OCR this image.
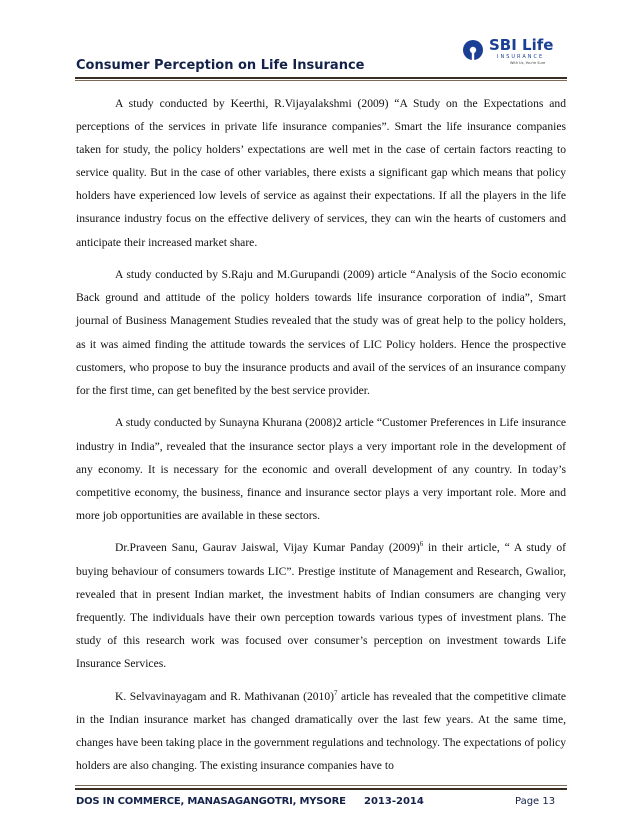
Consumer Perception on Life Insurance
SBI Life
INSURANCE
With Us, You're Sure

A study conducted by Keerthi, R.Vijayalakshmi (2009) “A Study on the Expectations and perceptions of the services in private life insurance companies”. Smart the life insurance companies taken for study, the policy holders’ expectations are well met in the case of certain factors reacting to service quality. But in the case of other variables, there exists a significant gap which means that policy holders have experienced low levels of service as against their expectations. If all the players in the life insurance industry focus on the effective delivery of services, they can win the hearts of customers and anticipate their increased market share.

A study conducted by S.Raju and M.Gurupandi (2009) article “Analysis of the Socio economic Back ground and attitude of the policy holders towards life insurance corporation of india”, Smart journal of Business Management Studies revealed that the study was of great help to the policy holders, as it was aimed finding the attitude towards the services of LIC Policy holders. Hence the prospective customers, who propose to buy the insurance products and avail of the services of an insurance company for the first time, can get benefited by the best service provider.

A study conducted by Sunayna Khurana (2008)2 article “Customer Preferences in Life insurance industry in India”, revealed that the insurance sector plays a very important role in the development of any economy. It is necessary for the economic and overall development of any country. In today’s competitive economy, the business, finance and insurance sector plays a very important role. More and more job opportunities are available in these sectors.

Dr.Praveen Sanu, Gaurav Jaiswal, Vijay Kumar Panday $(2009)^6$ in their article, “ A study of buying behaviour of consumers towards LIC”. Prestige institute of Management and Research, Gwalior, revealed that in present Indian market, the investment habits of Indian consumers are changing very frequently. The individuals have their own perception towards various types of investment plans. The study of this research work was focused over consumer’s perception on investment towards Life Insurance Services.

K. Selvavinayagam and R. Mathivanan $(2010)^7$ article has revealed that the competitive climate in the Indian insurance market has changed dramatically over the last few years. At the same time, changes have been taking place in the government regulations and technology. The expectations of policy holders are also changing. The existing insurance companies have to

DOS IN COMMERCE, MANASAGANGOTRI, MYSORE 2013-2014	Page 13
